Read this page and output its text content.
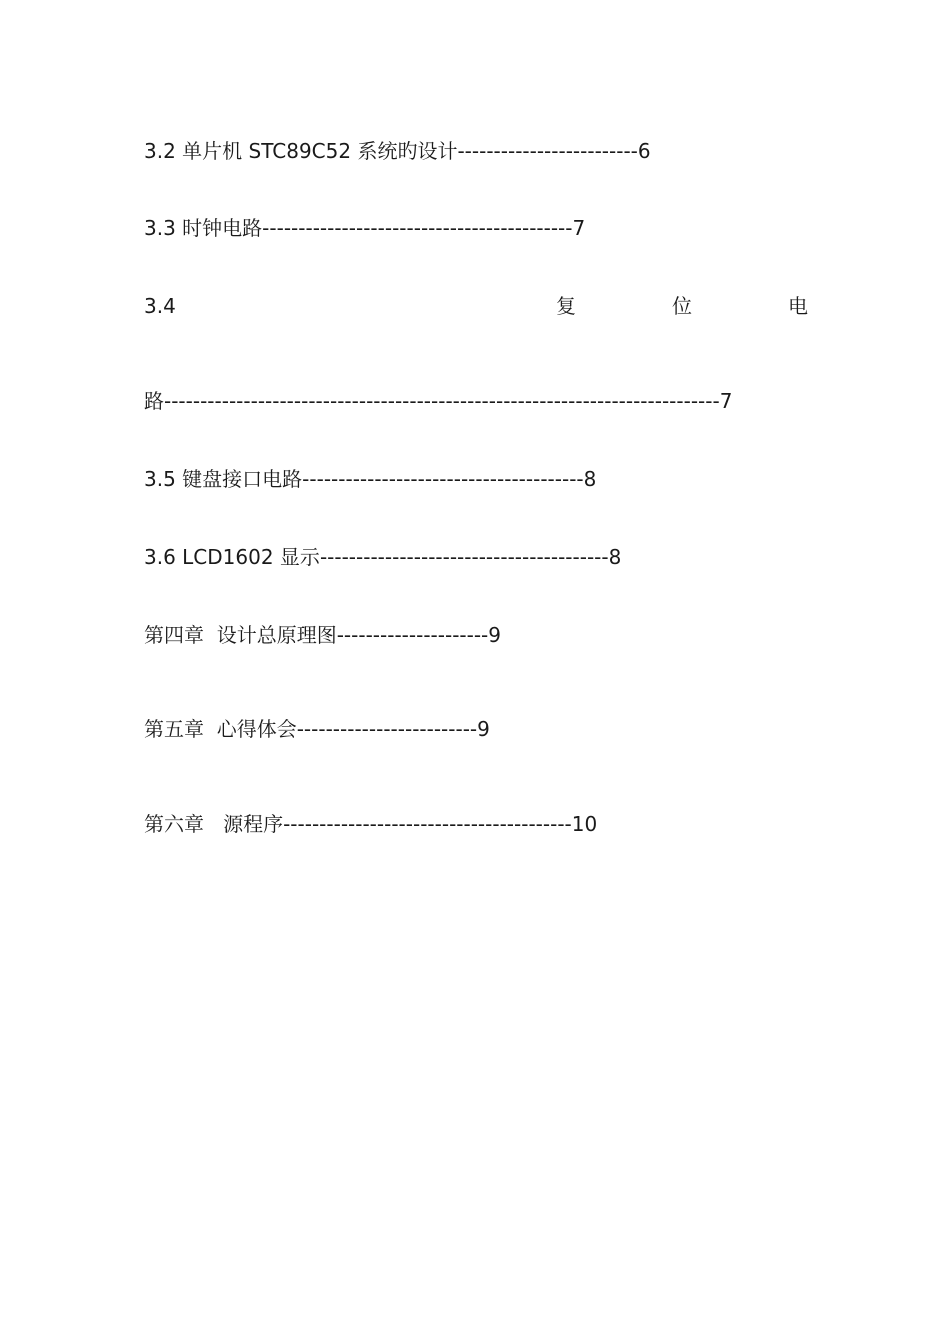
3.2 单片机 STC89C52 系统旳设计-------------------------6
3.3 时钟电路-------------------------------------------7
3.4	复	位	电
路-----------------------------------------------------------------------------7
3.5 键盘接口电路---------------------------------------8
3.6 LCD1602 显示----------------------------------------8
第四章  设计总原理图---------------------9
第五章  心得体会-------------------------9
第六章   源程序----------------------------------------10
